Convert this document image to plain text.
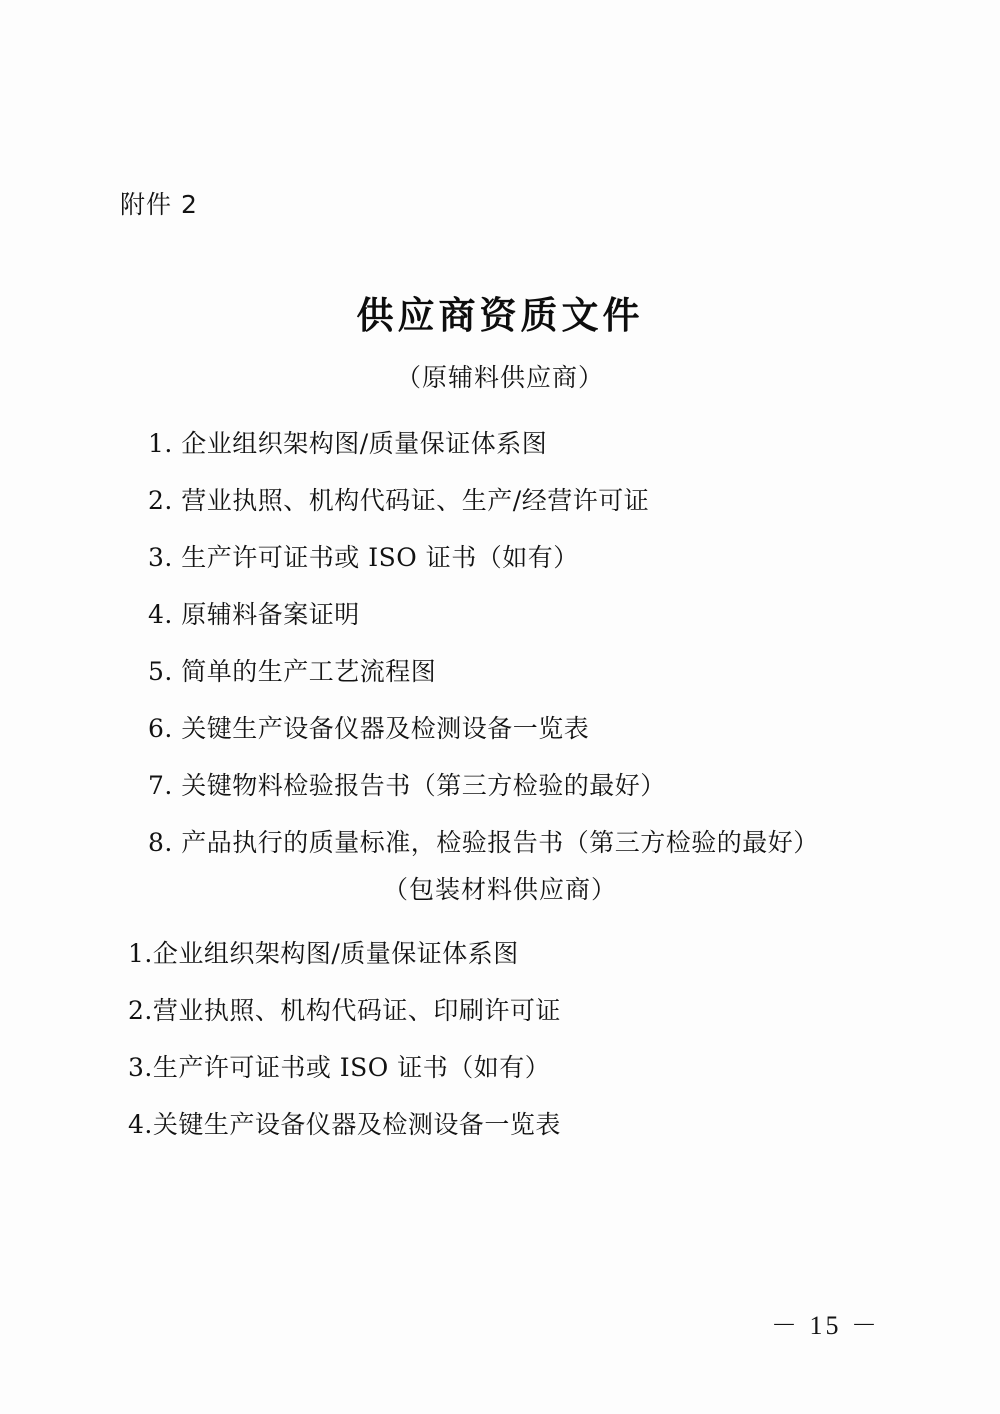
附件 2
供应商资质文件
（原辅料供应商）
1. 企业组织架构图/质量保证体系图
2. 营业执照、机构代码证、生产/经营许可证
3. 生产许可证书或 ISO 证书（如有）
4. 原辅料备案证明
5. 简单的生产工艺流程图
6. 关键生产设备仪器及检测设备一览表
7. 关键物料检验报告书（第三方检验的最好）
8. 产品执行的质量标准，检验报告书（第三方检验的最好）
（包装材料供应商）
1.企业组织架构图/质量保证体系图
2.营业执照、机构代码证、印刷许可证
3.生产许可证书或 ISO 证书（如有）
4.关键生产设备仪器及检测设备一览表
－ 15 －
